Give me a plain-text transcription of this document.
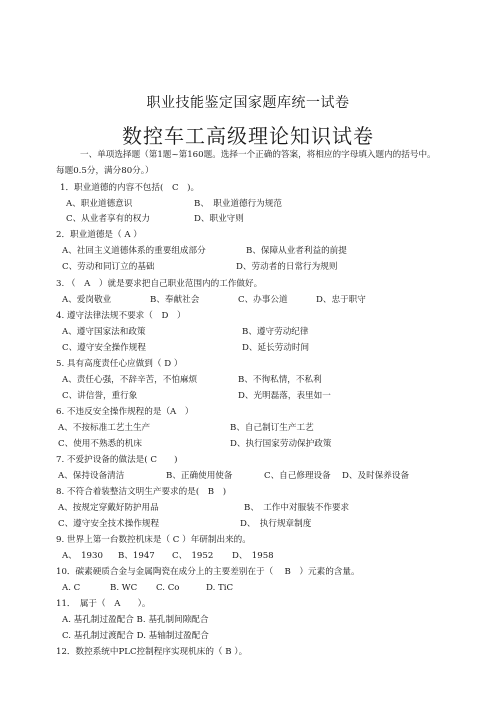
职业技能鉴定国家题库统一试卷
数控车工高级理论知识试卷
一、单项选择题（第1题~第160题。选择一个正确的答案，将相应的字母填入题内的括号中。
每题0.5分，满分80分。）
1．职业道德的内容不包括(　C　)。
A、职业道德意识	B、　职业道德行为规范
C、从业者享有的权力	D、职业守则
2．职业道德是（ A ）
A、社回主义道德体系的重要组成部分	B、保障从业者利益的前提
C、劳动和同订立的基础	D、劳动者的日常行为规则
3. （　A　）就是要求把自己职业范围内的工作做好。
A、爱岗敬业	B、奉献社会	C、办事公道	D、忠于职守
4. 遵守法律法规不要求（　D　）
A、遵守国家法和政策	B、遵守劳动纪律
C、遵守安全操作规程	D、延长劳动时间
5. 具有高度责任心应做到（ D ）
A、责任心强，不辞辛苦，不怕麻烦	B、不徇私情，不私利
C、讲信誉，重行象	D、光明磊落，表里如一
6. 不违反安全操作规程的是（A　）
A、不按标准工艺土生产	B、自己制订生产工艺
C、使用不熟悉的机床	D、执行国家劳动保护政策
7. 不爱护设备的做法是( C　　)
A、保持设备清洁	B、正确使用使备	C、自己修理设备 D、及时保养设备
8. 不符合着装整洁文明生产要求的是(　B　)
A、按规定穿戴好防护用品	B、　工作中对服装不作要求
C、遵守安全技术操作规程	D、　执行规章制度
9. 世界上第一台数控机床是（ C ）年研制出来的。
A、　1930 B、1947 C、　1952 D、　1958
10．碳素硬质合金与金属陶瓷在成分上的主要差别在于（　 B　）元素的含量。
A. C	B. WC C. Co	D. TiC
11．　属于（　A　　）。
A. 基孔制过盈配合 B. 基孔制间隙配合
C. 基孔制过渡配合 D. 基轴制过盈配合
12．数控系统中PLC控制程序实现机床的（ B ）。
